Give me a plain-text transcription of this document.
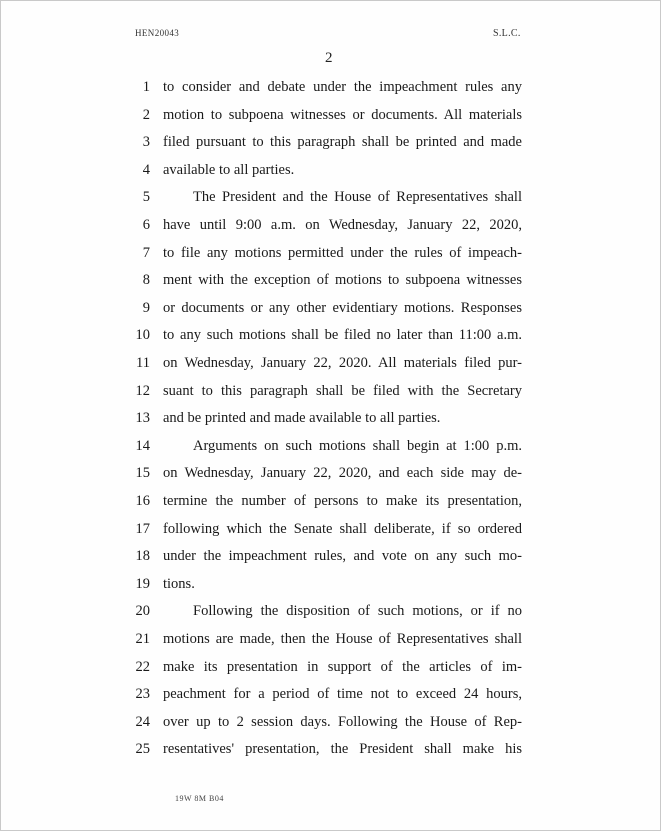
HEN20043	S.L.C.
2
1 to consider and debate under the impeachment rules any
2 motion to subpoena witnesses or documents. All materials
3 filed pursuant to this paragraph shall be printed and made
4 available to all parties.
5	The President and the House of Representatives shall
6 have until 9:00 a.m. on Wednesday, January 22, 2020,
7 to file any motions permitted under the rules of impeach-
8 ment with the exception of motions to subpoena witnesses
9 or documents or any other evidentiary motions. Responses
10 to any such motions shall be filed no later than 11:00 a.m.
11 on Wednesday, January 22, 2020. All materials filed pur-
12 suant to this paragraph shall be filed with the Secretary
13 and be printed and made available to all parties.
14	Arguments on such motions shall begin at 1:00 p.m.
15 on Wednesday, January 22, 2020, and each side may de-
16 termine the number of persons to make its presentation,
17 following which the Senate shall deliberate, if so ordered
18 under the impeachment rules, and vote on any such mo-
19 tions.
20	Following the disposition of such motions, or if no
21 motions are made, then the House of Representatives shall
22 make its presentation in support of the articles of im-
23 peachment for a period of time not to exceed 24 hours,
24 over up to 2 session days. Following the House of Rep-
25 resentatives' presentation, the President shall make his
19W 8M B04
